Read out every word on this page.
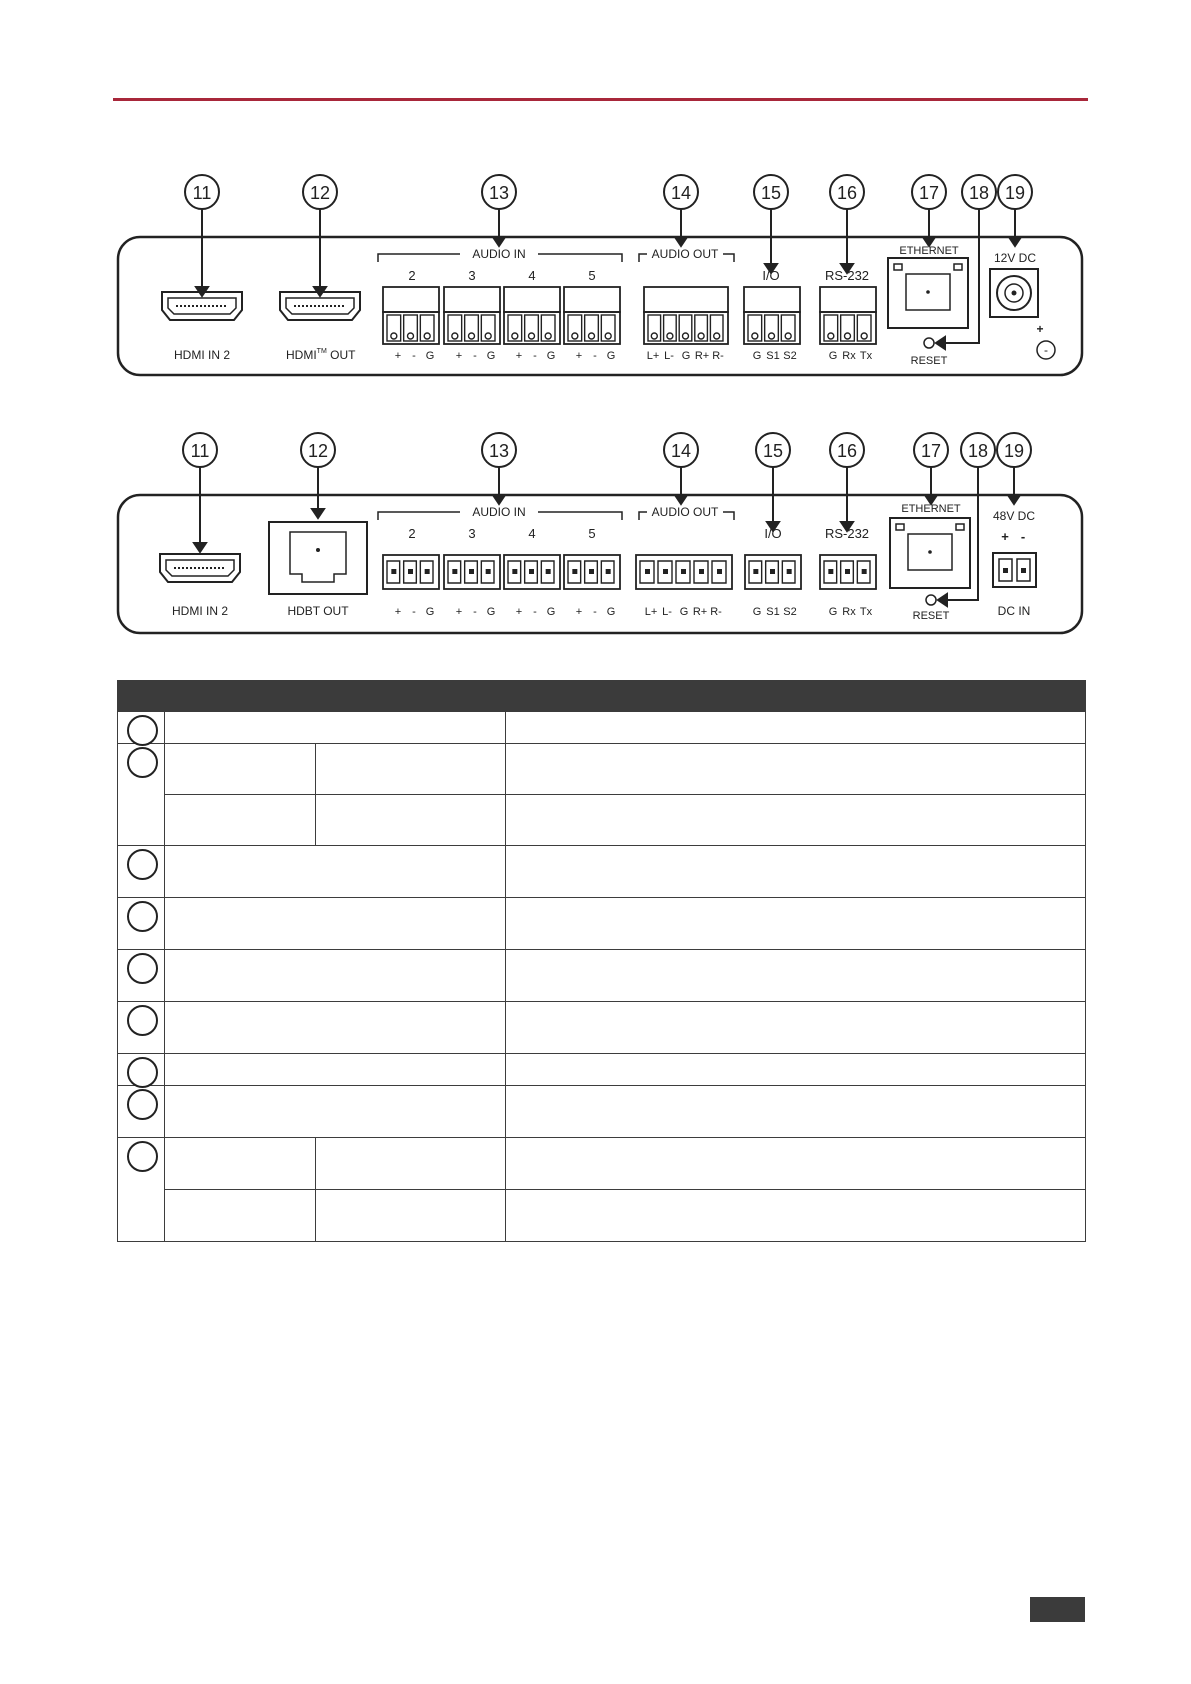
11	12	13	14	15	16	17 18 19
HDMI IN 2	HDMI™ OUT
AUDIO IN
2	3	4	5
AUDIO OUT
I/O	RS-232
+ - G + - G + - G + - G	L+ L- G R+ R-	G S1 S2	G Rx Tx
ETHERNET
RESET
12V DC
+
-
11	12	13	14	15	16	17 18 19
HDMI IN 2	HDBT OUT
AUDIO IN
2	3	4	5
AUDIO OUT
I/O	RS-232
+ - G + - G + - G + - G	L+ L- G R+ R-	G S1 S2	G Rx Tx
ETHERNET
RESET
48V DC
+ -
DC IN
